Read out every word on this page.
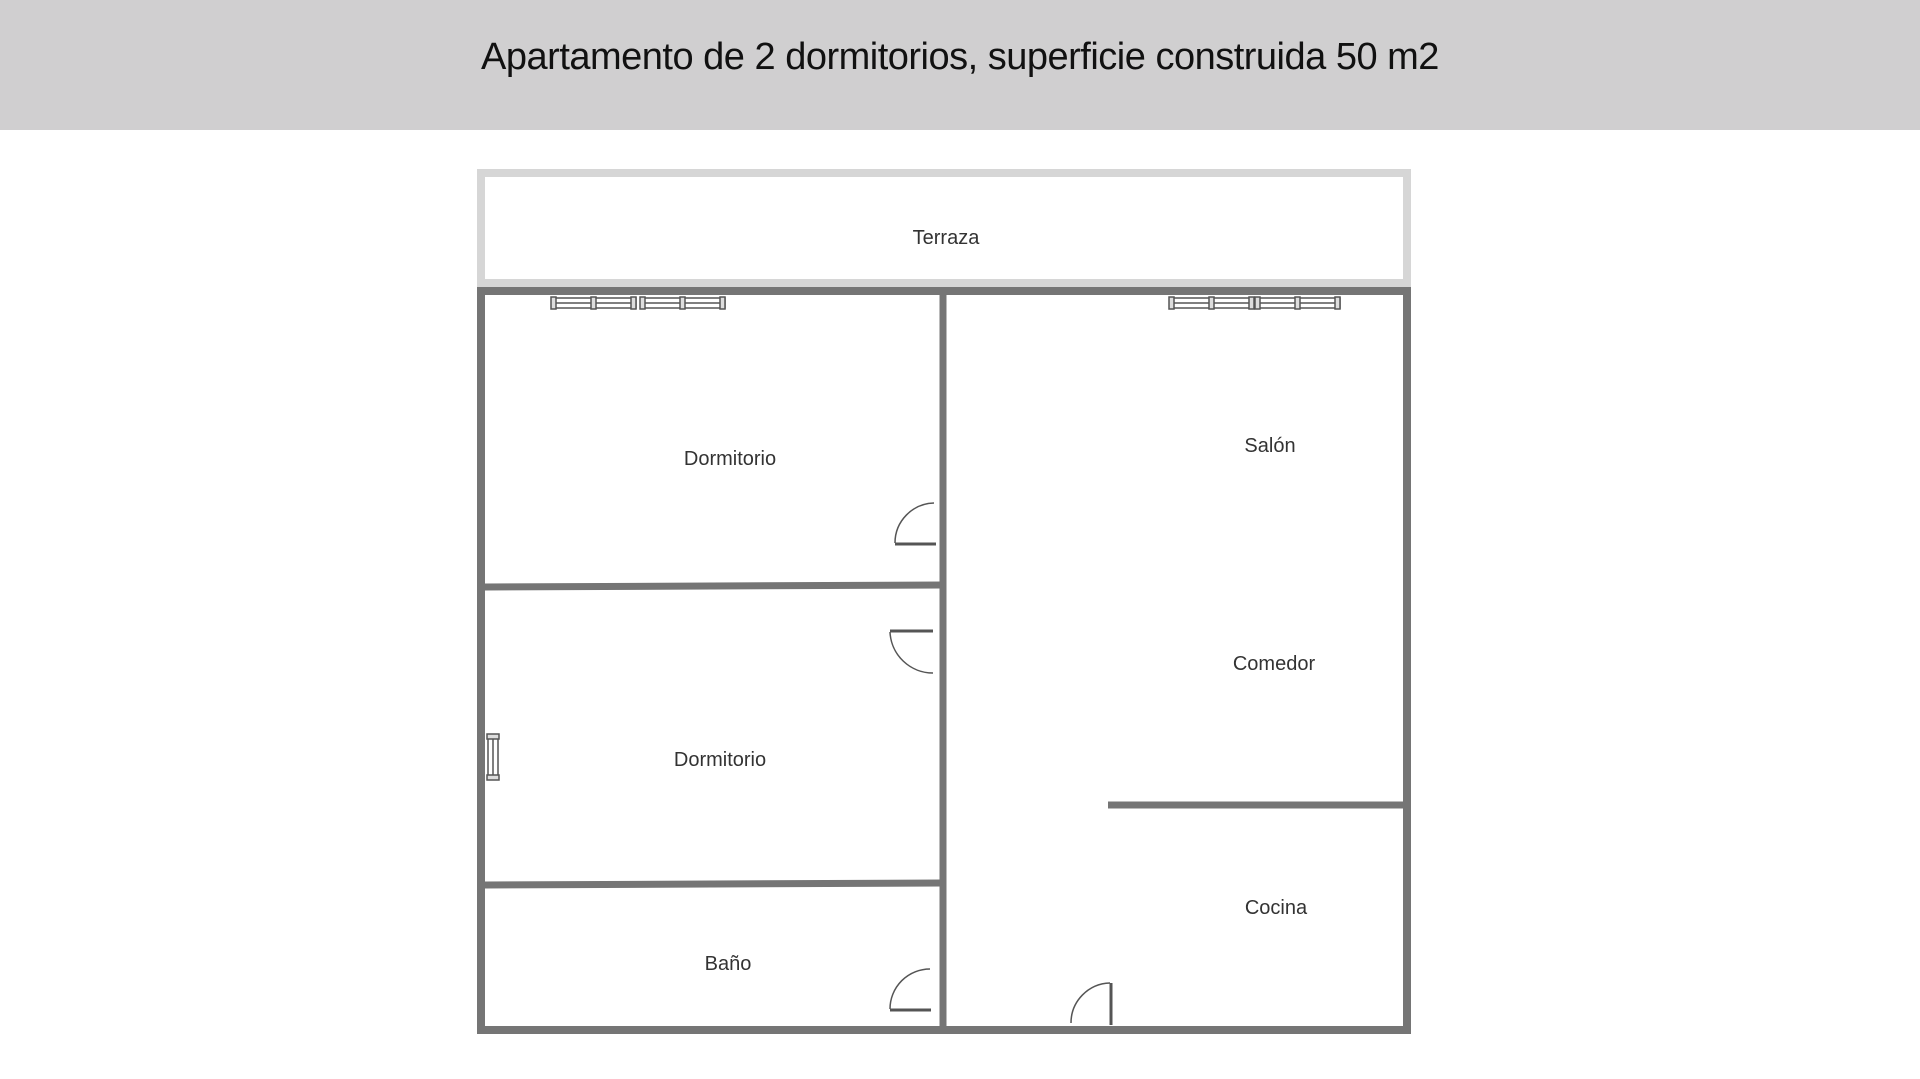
Apartamento de 2 dormitorios, superficie construida 50 m2
Terraza
Dormitorio
Dormitorio
Baño
Salón
Comedor
Cocina
